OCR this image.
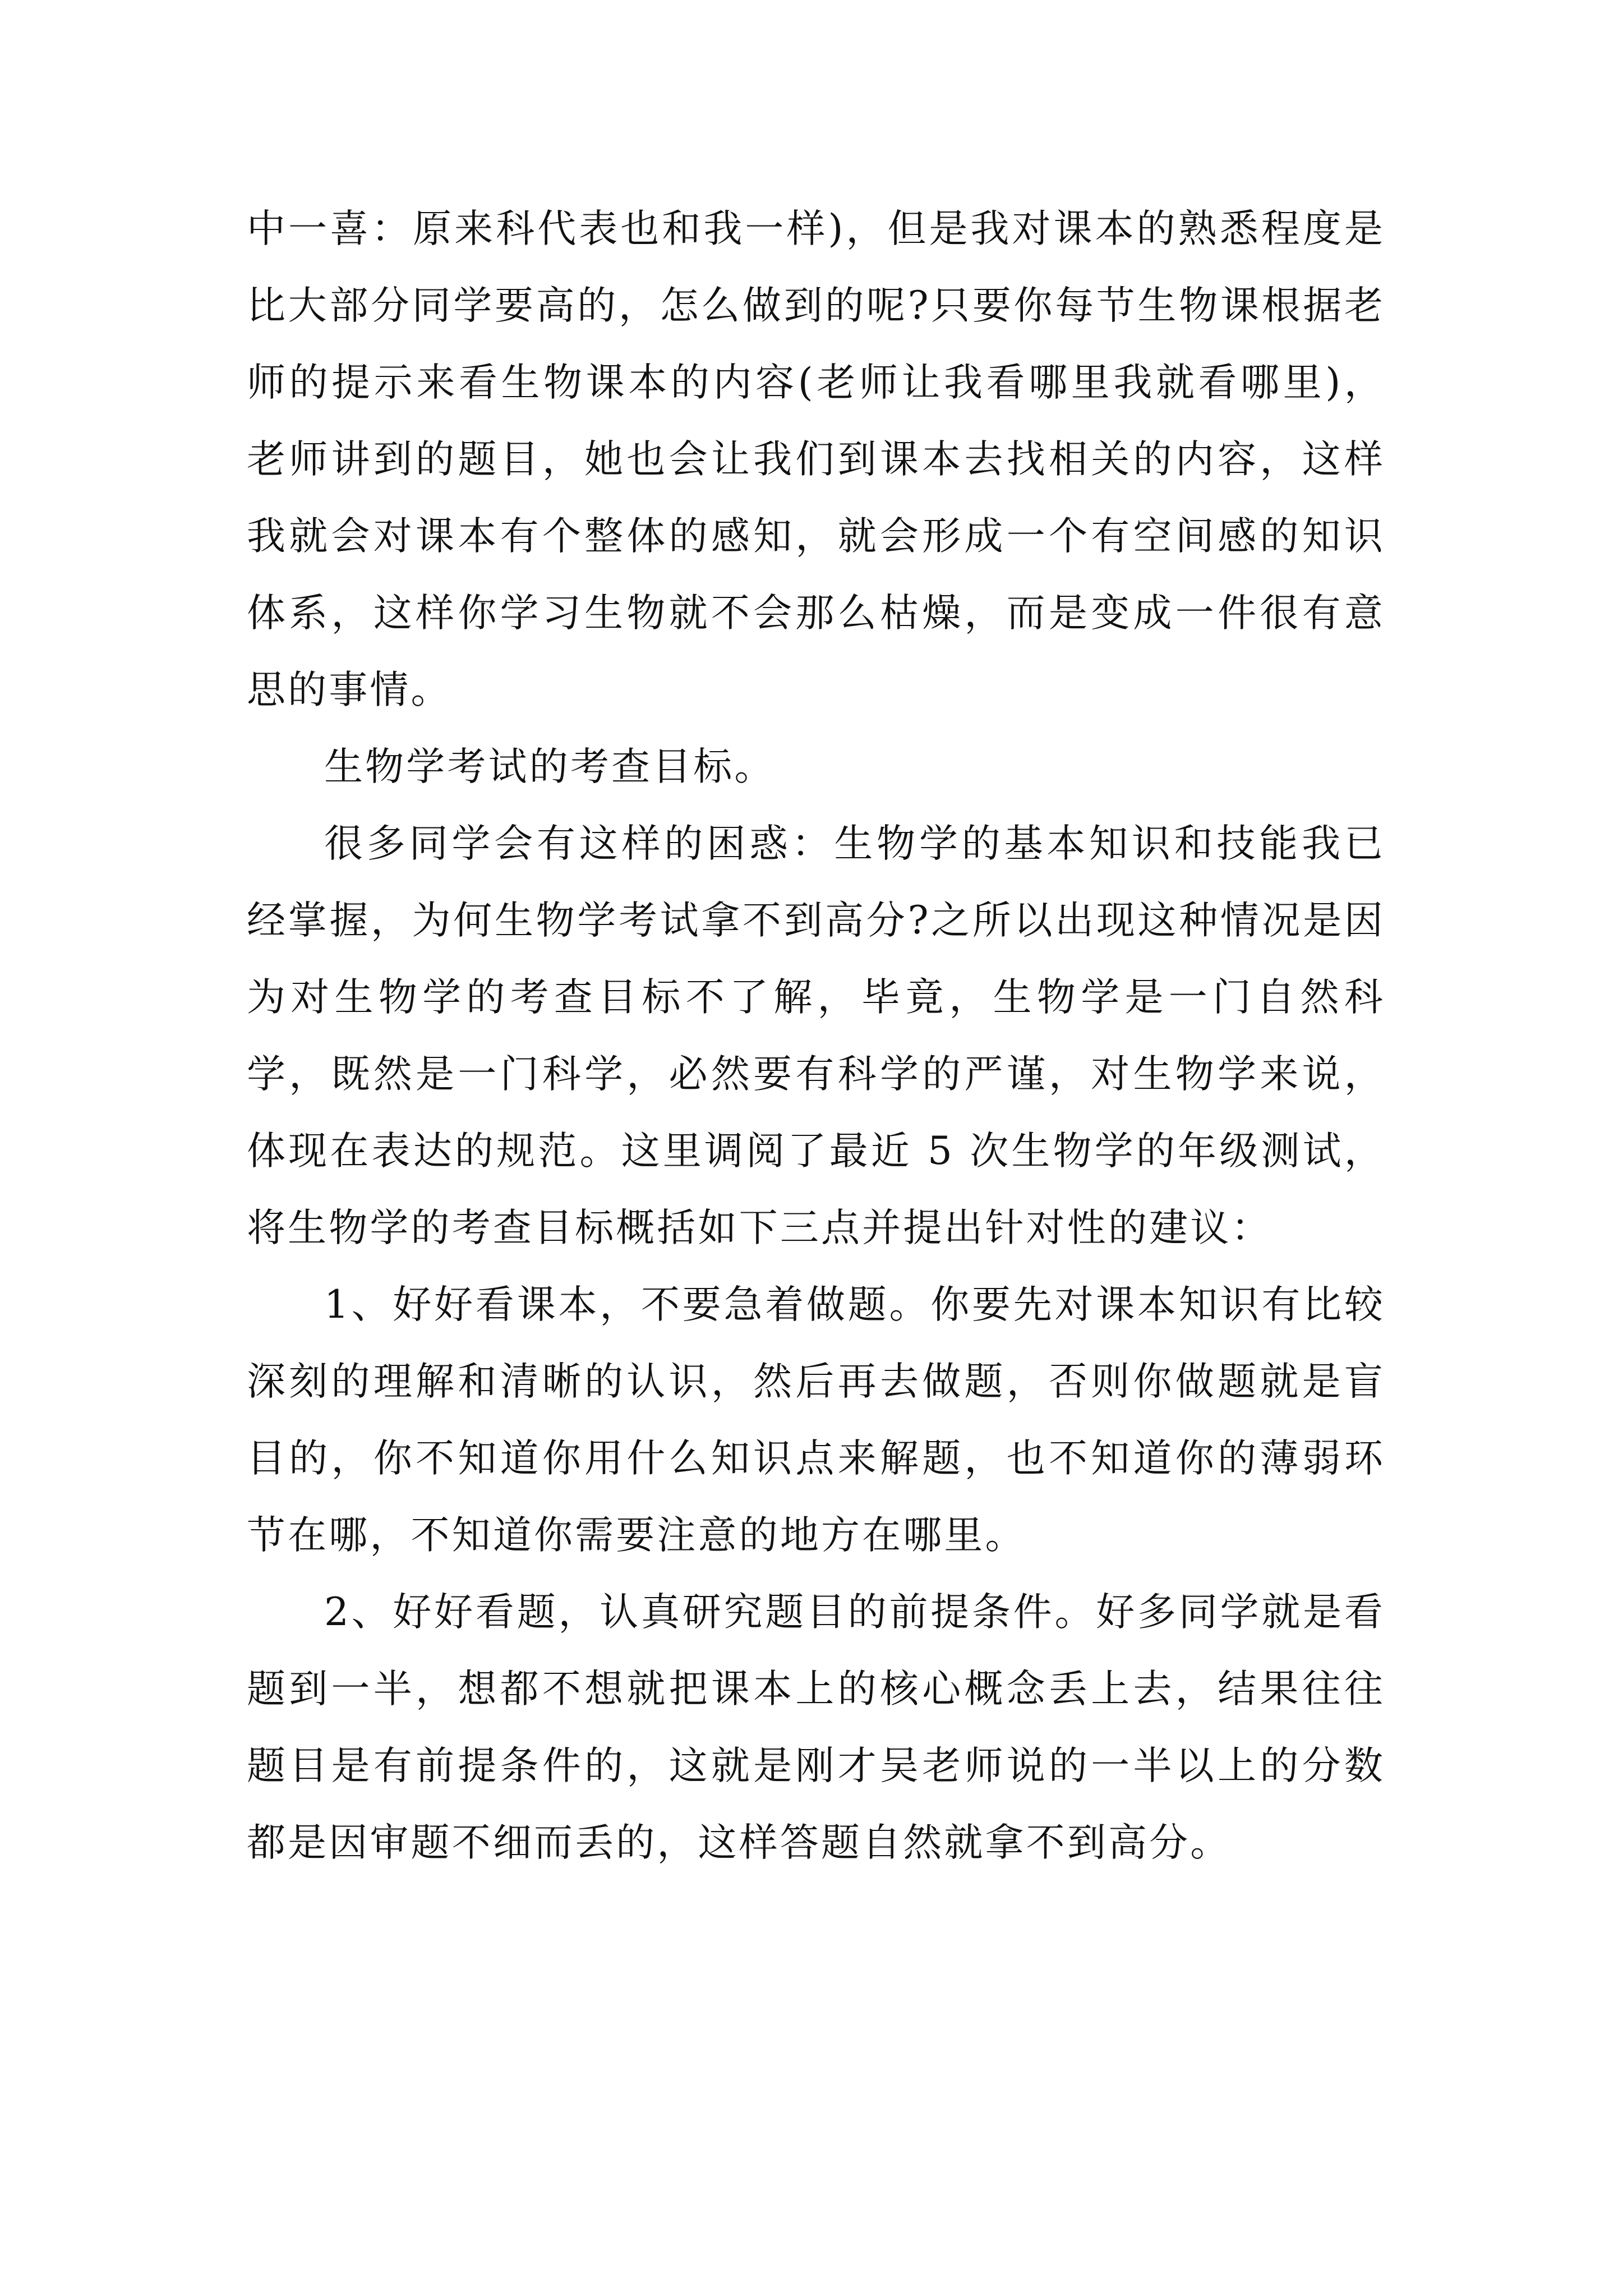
中一喜：原来科代表也和我一样)，但是我对课本的熟悉程度是比大部分同学要高的，怎么做到的呢?只要你每节生物课根据老师的提示来看生物课本的内容(老师让我看哪里我就看哪里)，老师讲到的题目，她也会让我们到课本去找相关的内容，这样我就会对课本有个整体的感知，就会形成一个有空间感的知识体系，这样你学习生物就不会那么枯燥，而是变成一件很有意思的事情。

生物学考试的考查目标。

很多同学会有这样的困惑：生物学的基本知识和技能我已经掌握，为何生物学考试拿不到高分?之所以出现这种情况是因为对生物学的考查目标不了解，毕竟，生物学是一门自然科学，既然是一门科学，必然要有科学的严谨，对生物学来说，体现在表达的规范。这里调阅了最近 5 次生物学的年级测试，将生物学的考查目标概括如下三点并提出针对性的建议：

1、好好看课本，不要急着做题。你要先对课本知识有比较深刻的理解和清晰的认识，然后再去做题，否则你做题就是盲目的，你不知道你用什么知识点来解题，也不知道你的薄弱环节在哪，不知道你需要注意的地方在哪里。

2、好好看题，认真研究题目的前提条件。好多同学就是看题到一半，想都不想就把课本上的核心概念丢上去，结果往往题目是有前提条件的，这就是刚才吴老师说的一半以上的分数都是因审题不细而丢的，这样答题自然就拿不到高分。
